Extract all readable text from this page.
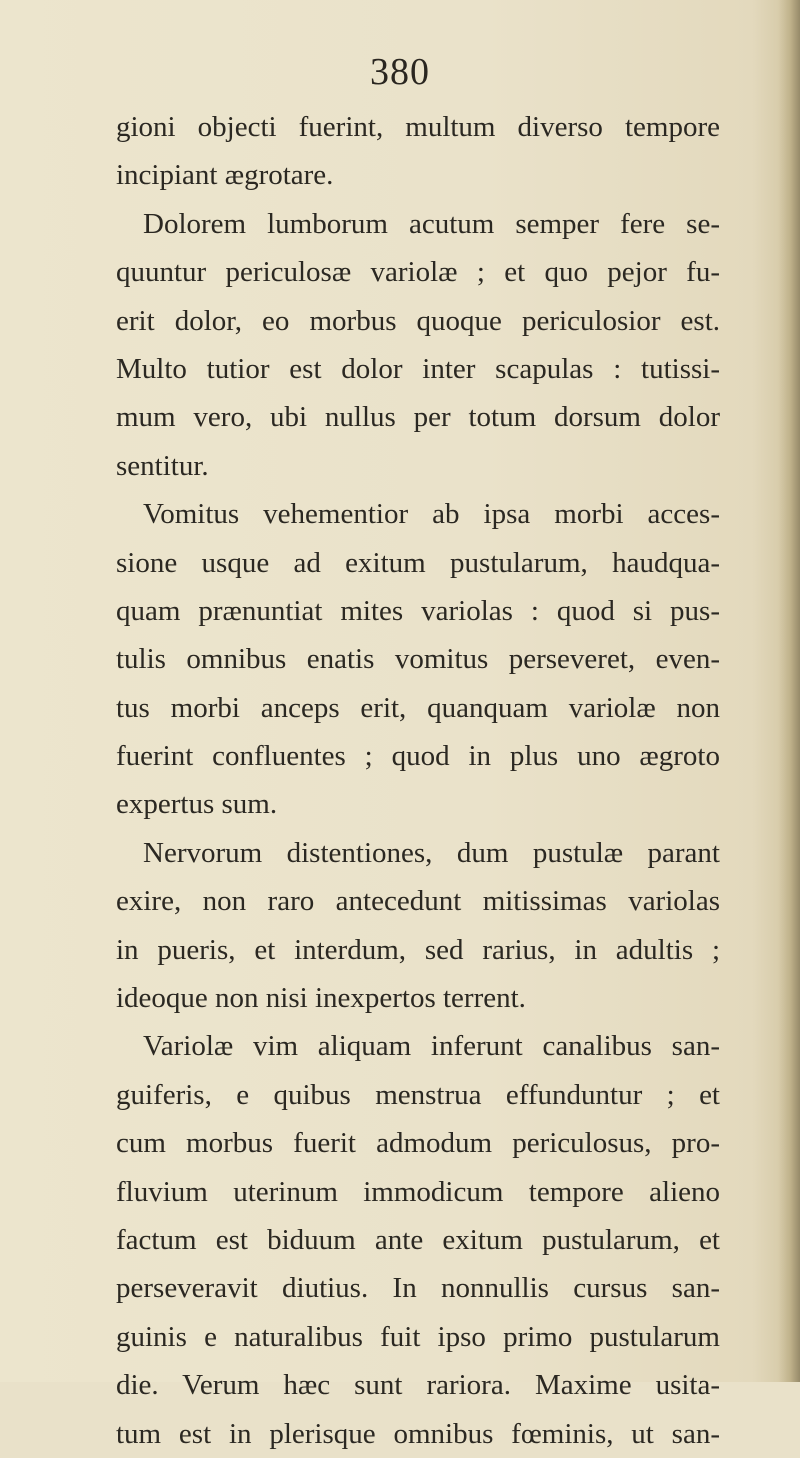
380
gioni objecti fuerint, multum diverso tempore
incipiant ægrotare.
Dolorem lumborum acutum semper fere se-
quuntur periculosæ variolæ ; et quo pejor fu-
erit dolor, eo morbus quoque periculosior est.
Multo tutior est dolor inter scapulas : tutissi-
mum vero, ubi nullus per totum dorsum dolor
sentitur.
Vomitus vehementior ab ipsa morbi acces-
sione usque ad exitum pustularum, haudqua-
quam prænuntiat mites variolas : quod si pus-
tulis omnibus enatis vomitus perseveret, even-
tus morbi anceps erit, quanquam variolæ non
fuerint confluentes ; quod in plus uno ægroto
expertus sum.
Nervorum distentiones, dum pustulæ parant
exire, non raro antecedunt mitissimas variolas
in pueris, et interdum, sed rarius, in adultis ;
ideoque non nisi inexpertos terrent.
Variolæ vim aliquam inferunt canalibus san-
guiferis, e quibus menstrua effunduntur ; et
cum morbus fuerit admodum periculosus, pro-
fluvium uterinum immodicum tempore alieno
factum est biduum ante exitum pustularum, et
perseveravit diutius. In nonnullis cursus san-
guinis e naturalibus fuit ipso primo pustularum
die. Verum hæc sunt rariora. Maxime usita-
tum est in plerisque omnibus fœminis, ut san-
